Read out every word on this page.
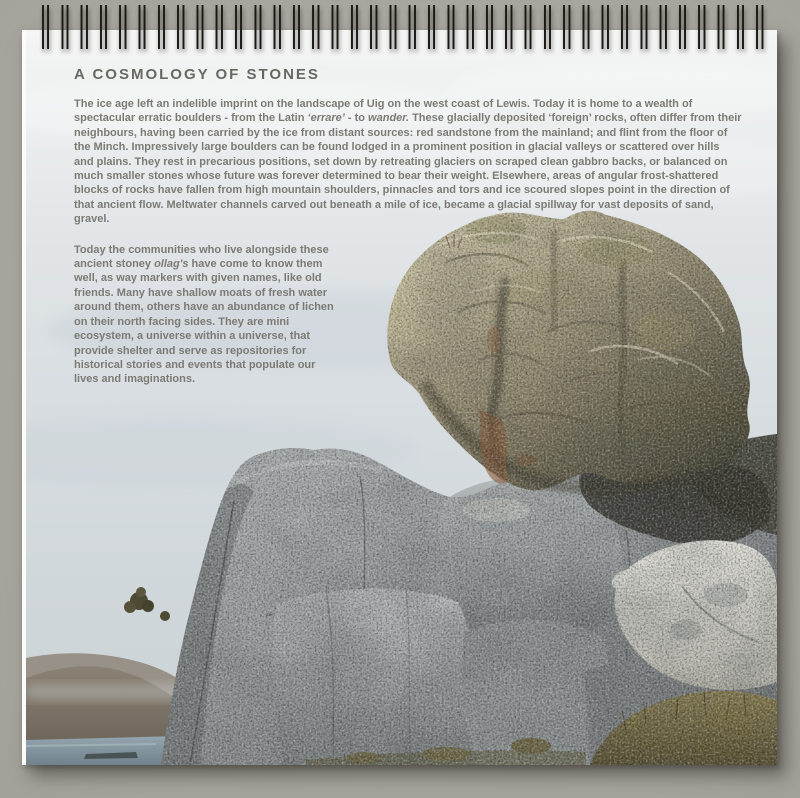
A COSMOLOGY OF STONES

The ice age left an indelible imprint on the landscape of Uig on the west coast of Lewis. Today it is home to a wealth of spectacular erratic boulders - from the Latin ‘errare’ - to wander. These glacially deposited ‘foreign’ rocks, often differ from their neighbours, having been carried by the ice from distant sources: red sandstone from the mainland; and flint from the floor of the Minch. Impressively large boulders can be found lodged in a prominent position in glacial valleys or scattered over hills and plains. They rest in precarious positions, set down by retreating glaciers on scraped clean gabbro backs, or balanced on much smaller stones whose future was forever determined to bear their weight. Elsewhere, areas of angular frost-shattered blocks of rocks have fallen from high mountain shoulders, pinnacles and tors and ice scoured slopes point in the direction of that ancient flow. Meltwater channels carved out beneath a mile of ice, became a glacial spillway for vast deposits of sand, gravel.

Today the communities who live alongside these ancient stoney ollag's have come to know them well, as way markers with given names, like old friends. Many have shallow moats of fresh water around them, others have an abundance of lichen on their north facing sides. They are mini ecosystem, a universe within a universe, that provide shelter and serve as repositories for historical stories and events that populate our lives and imaginations.
